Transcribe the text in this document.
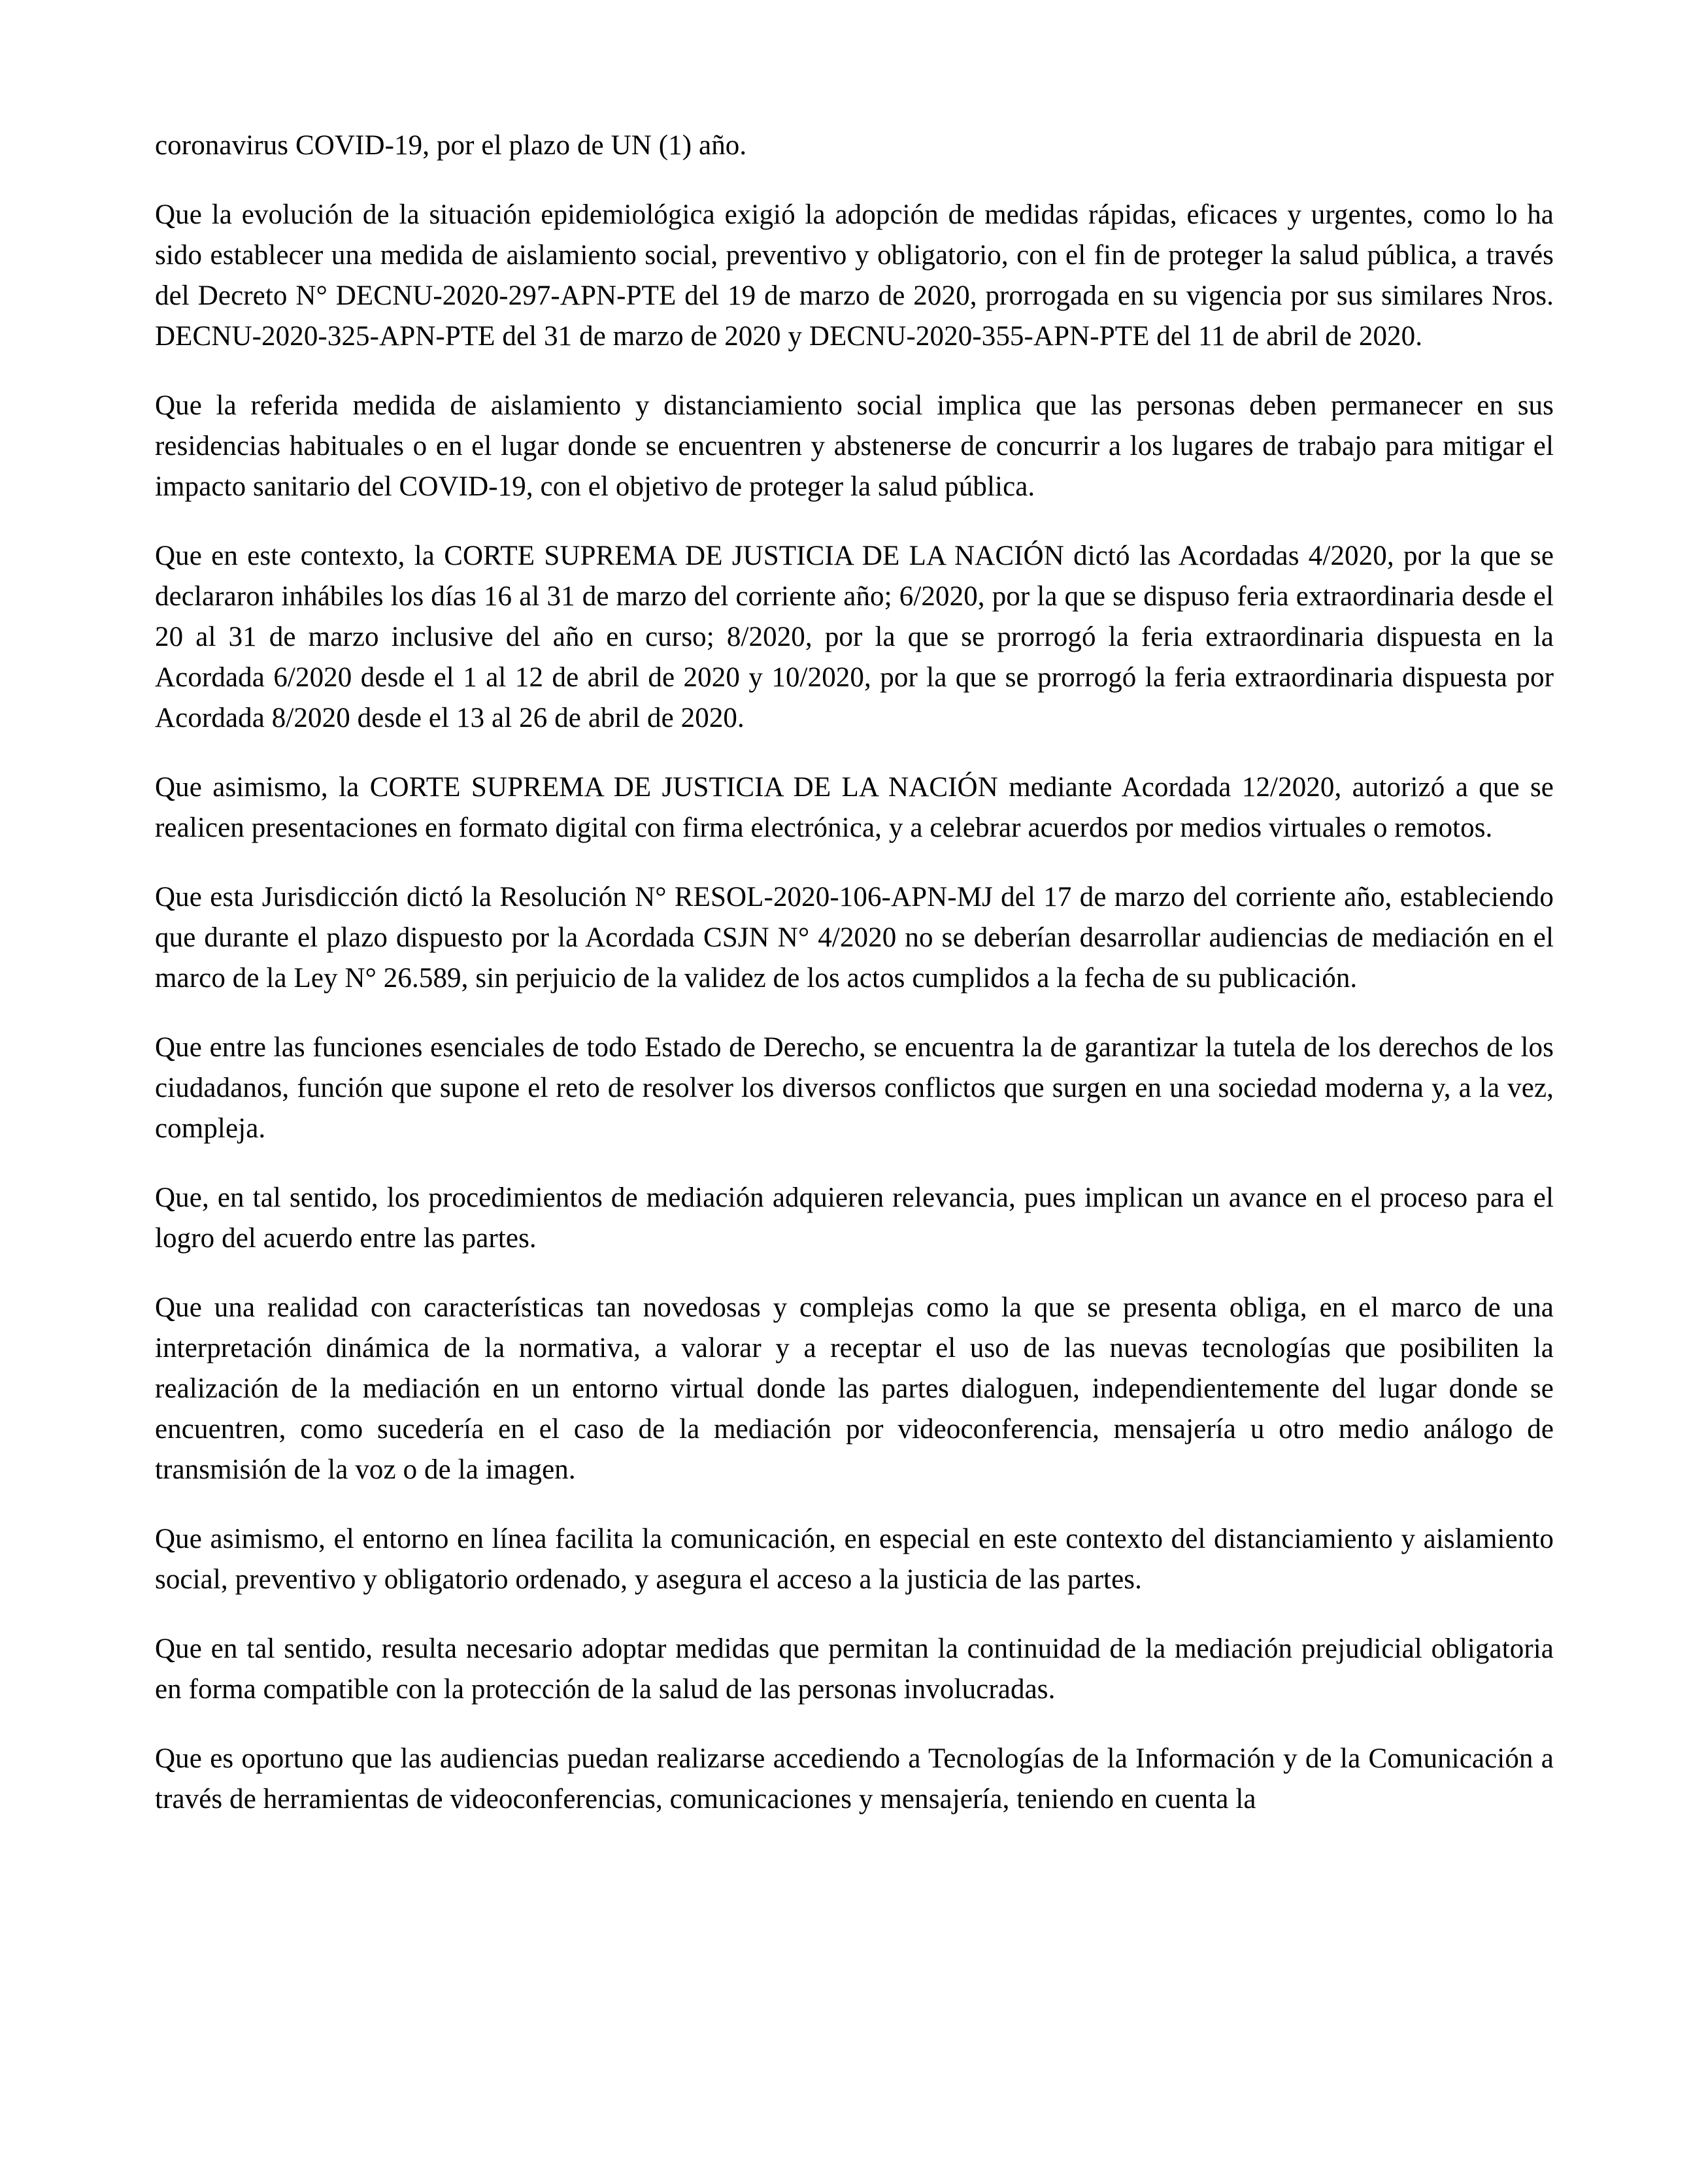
coronavirus COVID-19, por el plazo de UN (1) año.

Que la evolución de la situación epidemiológica exigió la adopción de medidas rápidas, eficaces y urgentes, como lo ha sido establecer una medida de aislamiento social, preventivo y obligatorio, con el fin de proteger la salud pública, a través del Decreto N° DECNU-2020-297-APN-PTE del 19 de marzo de 2020, prorrogada en su vigencia por sus similares Nros. DECNU-2020-325-APN-PTE del 31 de marzo de 2020 y DECNU-2020-355-APN-PTE del 11 de abril de 2020.

Que la referida medida de aislamiento y distanciamiento social implica que las personas deben permanecer en sus residencias habituales o en el lugar donde se encuentren y abstenerse de concurrir a los lugares de trabajo para mitigar el impacto sanitario del COVID-19, con el objetivo de proteger la salud pública.

Que en este contexto, la CORTE SUPREMA DE JUSTICIA DE LA NACIÓN dictó las Acordadas 4/2020, por la que se declararon inhábiles los días 16 al 31 de marzo del corriente año; 6/2020, por la que se dispuso feria extraordinaria desde el 20 al 31 de marzo inclusive del año en curso; 8/2020, por la que se prorrogó la feria extraordinaria dispuesta en la Acordada 6/2020 desde el 1 al 12 de abril de 2020 y 10/2020, por la que se prorrogó la feria extraordinaria dispuesta por Acordada 8/2020 desde el 13 al 26 de abril de 2020.

Que asimismo, la CORTE SUPREMA DE JUSTICIA DE LA NACIÓN mediante Acordada 12/2020, autorizó a que se realicen presentaciones en formato digital con firma electrónica, y a celebrar acuerdos por medios virtuales o remotos.

Que esta Jurisdicción dictó la Resolución N° RESOL-2020-106-APN-MJ del 17 de marzo del corriente año, estableciendo que durante el plazo dispuesto por la Acordada CSJN N° 4/2020 no se deberían desarrollar audiencias de mediación en el marco de la Ley N° 26.589, sin perjuicio de la validez de los actos cumplidos a la fecha de su publicación.

Que entre las funciones esenciales de todo Estado de Derecho, se encuentra la de garantizar la tutela de los derechos de los ciudadanos, función que supone el reto de resolver los diversos conflictos que surgen en una sociedad moderna y, a la vez, compleja.

Que, en tal sentido, los procedimientos de mediación adquieren relevancia, pues implican un avance en el proceso para el logro del acuerdo entre las partes.

Que una realidad con características tan novedosas y complejas como la que se presenta obliga, en el marco de una interpretación dinámica de la normativa, a valorar y a receptar el uso de las nuevas tecnologías que posibiliten la realización de la mediación en un entorno virtual donde las partes dialoguen, independientemente del lugar donde se encuentren, como sucedería en el caso de la mediación por videoconferencia, mensajería u otro medio análogo de transmisión de la voz o de la imagen.

Que asimismo, el entorno en línea facilita la comunicación, en especial en este contexto del distanciamiento y aislamiento social, preventivo y obligatorio ordenado, y asegura el acceso a la justicia de las partes.

Que en tal sentido, resulta necesario adoptar medidas que permitan la continuidad de la mediación prejudicial obligatoria en forma compatible con la protección de la salud de las personas involucradas.

Que es oportuno que las audiencias puedan realizarse accediendo a Tecnologías de la Información y de la Comunicación a través de herramientas de videoconferencias, comunicaciones y mensajería, teniendo en cuenta la
